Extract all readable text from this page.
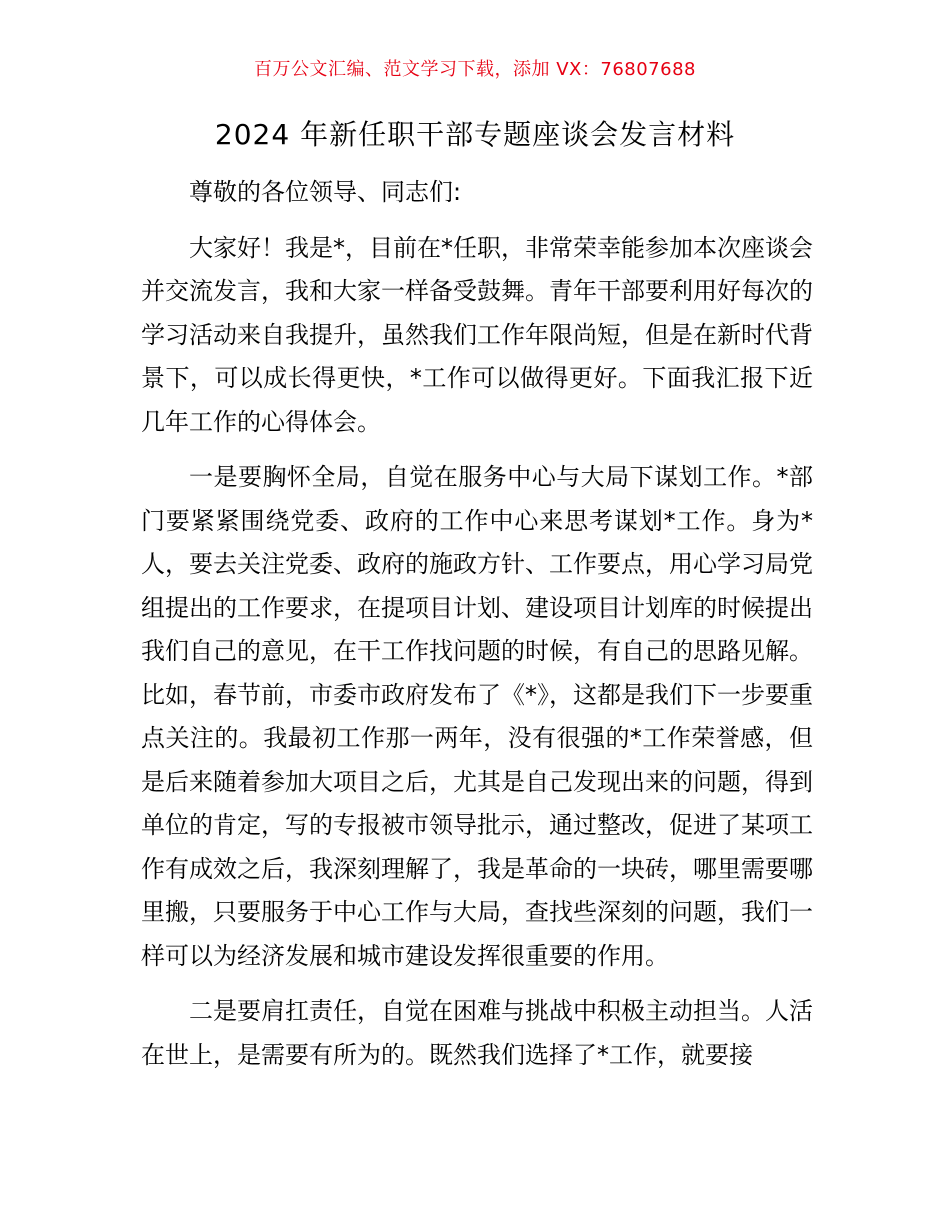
百万公文汇编、范文学习下载，添加 VX：76807688
2024 年新任职干部专题座谈会发言材料

尊敬的各位领导、同志们:

大家好！我是*，目前在*任职，非常荣幸能参加本次座谈会并交流发言，我和大家一样备受鼓舞。青年干部要利用好每次的学习活动来自我提升，虽然我们工作年限尚短，但是在新时代背景下，可以成长得更快，*工作可以做得更好。下面我汇报下近几年工作的心得体会。

一是要胸怀全局，自觉在服务中心与大局下谋划工作。*部门要紧紧围绕党委、政府的工作中心来思考谋划*工作。身为*人，要去关注党委、政府的施政方针、工作要点，用心学习局党组提出的工作要求，在提项目计划、建设项目计划库的时候提出我们自己的意见，在干工作找问题的时候，有自己的思路见解。比如，春节前，市委市政府发布了《*》，这都是我们下一步要重点关注的。我最初工作那一两年，没有很强的*工作荣誉感，但是后来随着参加大项目之后，尤其是自己发现出来的问题，得到单位的肯定，写的专报被市领导批示，通过整改，促进了某项工作有成效之后，我深刻理解了，我是革命的一块砖，哪里需要哪里搬，只要服务于中心工作与大局，查找些深刻的问题，我们一样可以为经济发展和城市建设发挥很重要的作用。

二是要肩扛责任，自觉在困难与挑战中积极主动担当。人活在世上，是需要有所为的。既然我们选择了*工作，就要接
